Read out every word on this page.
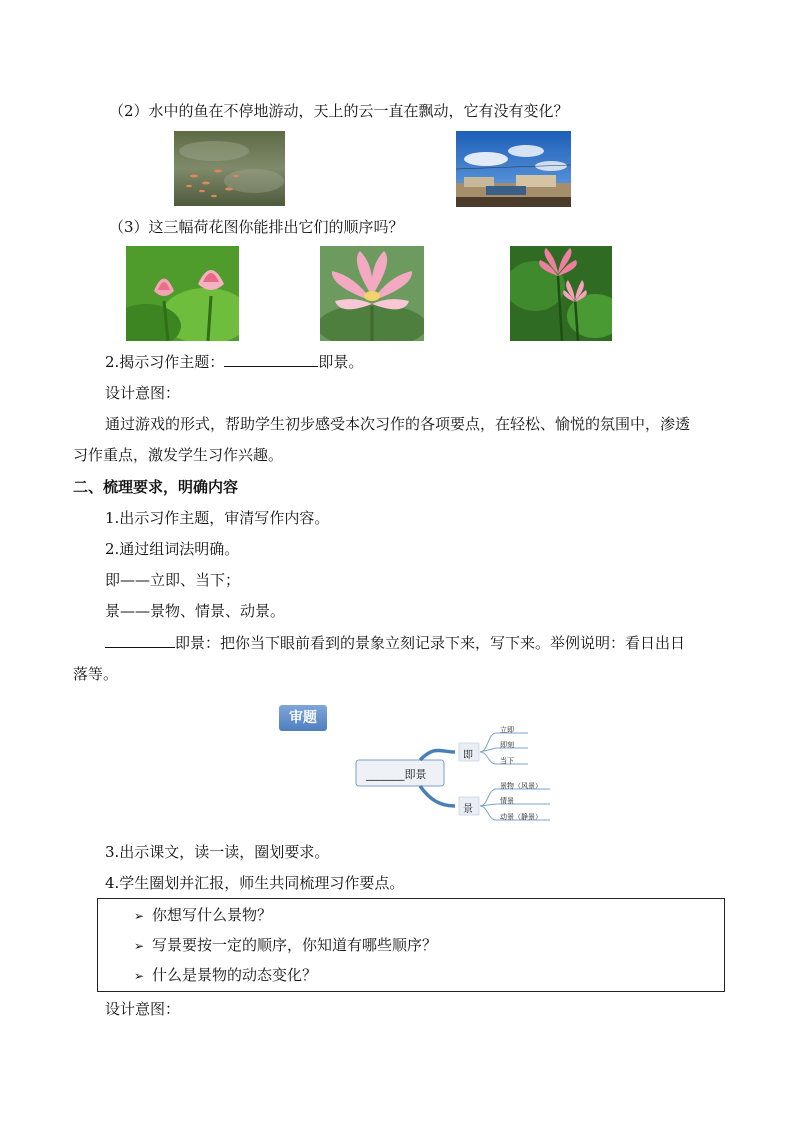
（2）水中的鱼在不停地游动，天上的云一直在飘动，它有没有变化？
（3）这三幅荷花图你能排出它们的顺序吗？
2.揭示习作主题：	即景。
设计意图：
通过游戏的形式，帮助学生初步感受本次习作的各项要点，在轻松、愉悦的氛围中，渗透
习作重点，激发学生习作兴趣。
二、梳理要求，明确内容
1.出示习作主题，审清写作内容。
2.通过组词法明确。
即——立即、当下；
景——景物、情景、动景。
即景：把你当下眼前看到的景象立刻记录下来，写下来。举例说明：看日出日
落等。
审题
_______即景
即
景
立即
即刻
当下
景物（风景）
情景
动景（静景）
3.出示课文，读一读，圈划要求。
4.学生圈划并汇报，师生共同梳理习作要点。
➢ 你想写什么景物？
➢ 写景要按一定的顺序，你知道有哪些顺序？
➢ 什么是景物的动态变化？
设计意图：
